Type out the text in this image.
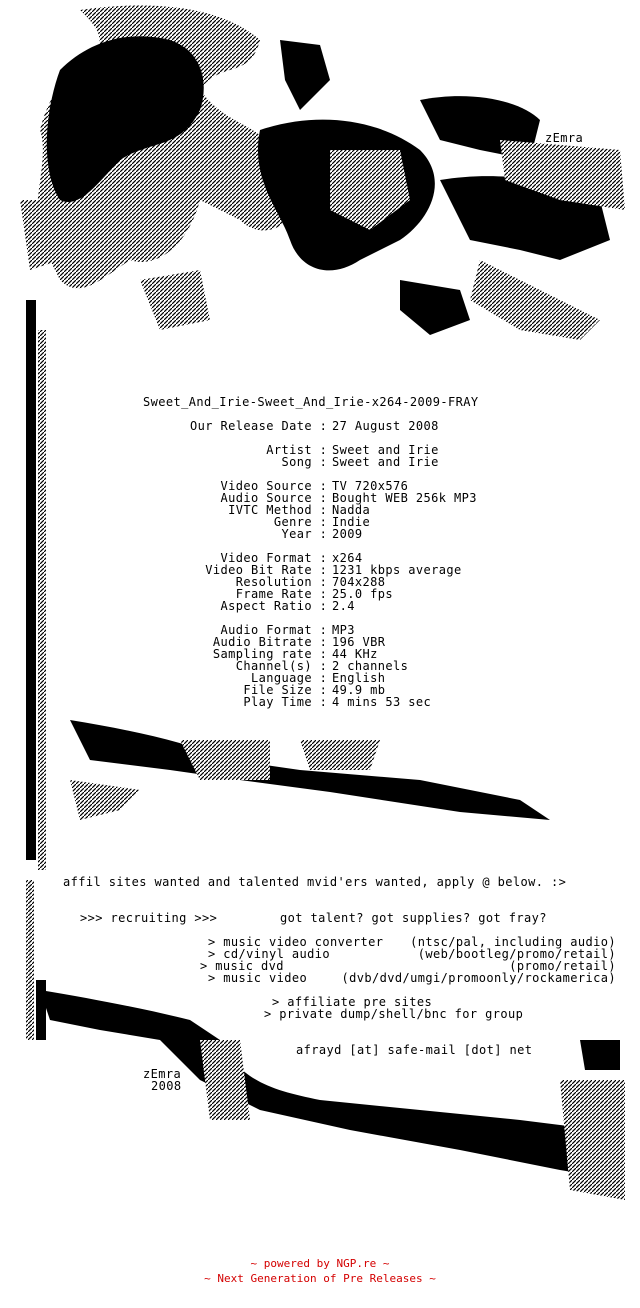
Sweet_And_Irie-Sweet_And_Irie-x264-2009-FRAY
zEmra
Our Release Date :
27 August 2008
Artist :
Sweet and Irie
Song :
Sweet and Irie
Video Source :
TV 720x576
Audio Source :
Bought WEB 256k MP3
IVTC Method :
Nadda
Genre :
Indie
Year :
2009
Video Format :
x264
Video Bit Rate :
1231 kbps average
Resolution :
704x288
Frame Rate :
25.0 fps
Aspect Ratio :
2.4
Audio Format :
MP3
Audio Bitrate :
196 VBR
Sampling rate :
44 KHz
Channel(s) :
2 channels
Language :
English
File Size :
49.9 mb
Play Time :
4 mins 53 sec
affil sites wanted and talented mvid'ers wanted, apply @ below. :>
>>> recruiting >>>	got talent? got supplies? got fray?
> music video converter	(ntsc/pal, including audio)
> cd/vinyl audio	(web/bootleg/promo/retail)
> music dvd	(promo/retail)
> music video	(dvb/dvd/umgi/promoonly/rockamerica)
> affiliate pre sites
> private dump/shell/bnc for group
afrayd [at] safe-mail [dot] net
zEmra
2008
~ powered by NGP.re ~
~ Next Generation of Pre Releases ~
